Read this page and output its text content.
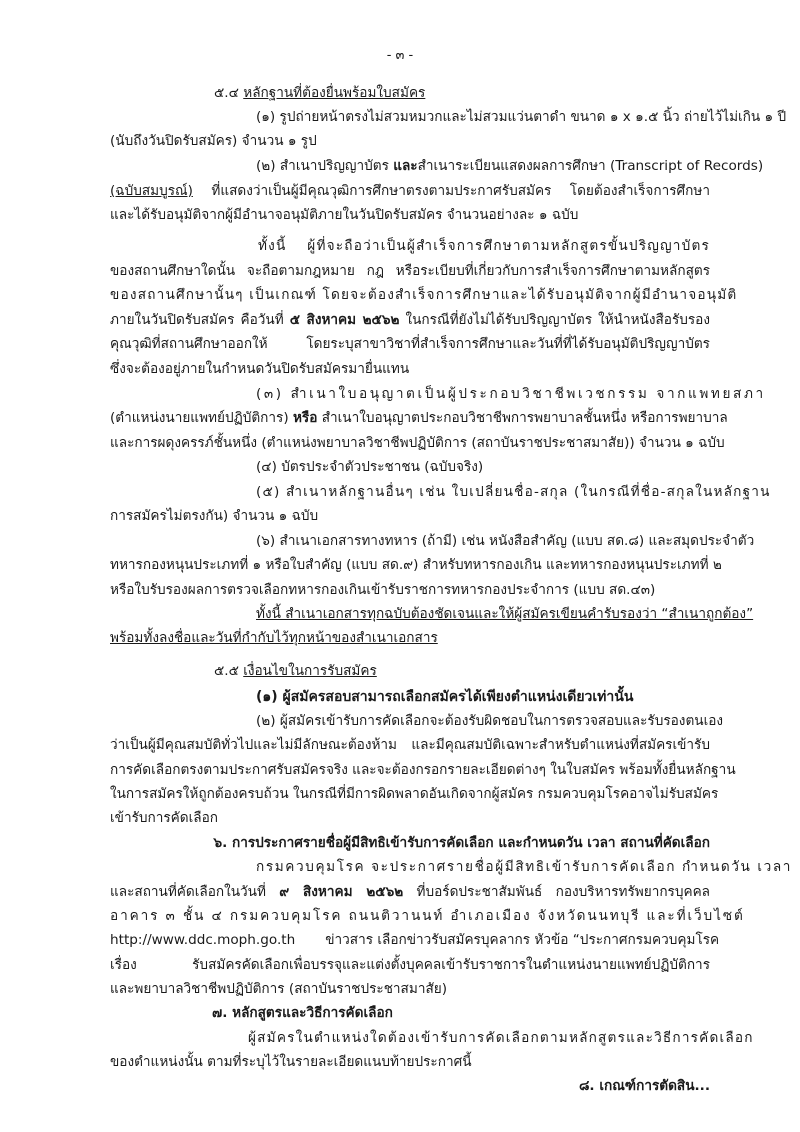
- ๓ -
๕.๔ หลักฐานที่ต้องยื่นพร้อมใบสมัคร
(๑) รูปถ่ายหน้าตรงไม่สวมหมวกและไม่สวมแว่นตาดำ ขนาด ๑ x ๑.๕ นิ้ว ถ่ายไว้ไม่เกิน ๑ ปี
(นับถึงวันปิดรับสมัคร) จำนวน ๑ รูป
(๒) สำเนาปริญญาบัตร และสำเนาระเบียนแสดงผลการศึกษา (Transcript of Records)
(ฉบับสมบูรณ์) ที่แสดงว่าเป็นผู้มีคุณวุฒิการศึกษาตรงตามประกาศรับสมัคร โดยต้องสำเร็จการศึกษา
และได้รับอนุมัติจากผู้มีอำนาจอนุมัติภายในวันปิดรับสมัคร จำนวนอย่างละ ๑ ฉบับ
ทั้งนี้ ผู้ที่จะถือว่าเป็นผู้สำเร็จการศึกษาตามหลักสูตรขั้นปริญญาบัตร
ของสถานศึกษาใดนั้น จะถือตามกฎหมาย กฎ หรือระเบียบที่เกี่ยวกับการสำเร็จการศึกษาตามหลักสูตร
ของสถานศึกษานั้นๆ เป็นเกณฑ์ โดยจะต้องสำเร็จการศึกษาและได้รับอนุมัติจากผู้มีอำนาจอนุมัติ
ภายในวันปิดรับสมัคร คือวันที่ ๕ สิงหาคม ๒๕๖๒ ในกรณีที่ยังไม่ได้รับปริญญาบัตร ให้นำหนังสือรับรอง
คุณวุฒิที่สถานศึกษาออกให้ โดยระบุสาขาวิชาที่สำเร็จการศึกษาและวันที่ที่ได้รับอนุมัติปริญญาบัตร
ซึ่งจะต้องอยู่ภายในกำหนดวันปิดรับสมัครมายื่นแทน
(๓) สำเนาใบอนุญาตเป็นผู้ประกอบวิชาชีพเวชกรรม จากแพทยสภา
(ตำแหน่งนายแพทย์ปฏิบัติการ) หรือ สำเนาใบอนุญาตประกอบวิชาชีพการพยาบาลชั้นหนึ่ง หรือการพยาบาล
และการผดุงครรภ์ชั้นหนึ่ง (ตำแหน่งพยาบาลวิชาชีพปฏิบัติการ (สถาบันราชประชาสมาสัย)) จำนวน ๑ ฉบับ
(๔) บัตรประจำตัวประชาชน (ฉบับจริง)
(๕) สำเนาหลักฐานอื่นๆ เช่น ใบเปลี่ยนชื่อ-สกุล (ในกรณีที่ชื่อ-สกุลในหลักฐาน
การสมัครไม่ตรงกัน) จำนวน ๑ ฉบับ
(๖) สำเนาเอกสารทางทหาร (ถ้ามี) เช่น หนังสือสำคัญ (แบบ สด.๘) และสมุดประจำตัว
ทหารกองหนุนประเภทที่ ๑ หรือใบสำคัญ (แบบ สด.๙) สำหรับทหารกองเกิน และทหารกองหนุนประเภทที่ ๒
หรือใบรับรองผลการตรวจเลือกทหารกองเกินเข้ารับราชการทหารกองประจำการ (แบบ สด.๔๓)
ทั้งนี้ สำเนาเอกสารทุกฉบับต้องชัดเจนและให้ผู้สมัครเขียนคำรับรองว่า “สำเนาถูกต้อง”
พร้อมทั้งลงชื่อและวันที่กำกับไว้ทุกหน้าของสำเนาเอกสาร
๕.๕ เงื่อนไขในการรับสมัคร
(๑) ผู้สมัครสอบสามารถเลือกสมัครได้เพียงตำแหน่งเดียวเท่านั้น
(๒) ผู้สมัครเข้ารับการคัดเลือกจะต้องรับผิดชอบในการตรวจสอบและรับรองตนเอง
ว่าเป็นผู้มีคุณสมบัติทั่วไปและไม่มีลักษณะต้องห้าม และมีคุณสมบัติเฉพาะสำหรับตำแหน่งที่สมัครเข้ารับ
การคัดเลือกตรงตามประกาศรับสมัครจริง และจะต้องกรอกรายละเอียดต่างๆ ในใบสมัคร พร้อมทั้งยื่นหลักฐาน
ในการสมัครให้ถูกต้องครบถ้วน ในกรณีที่มีการผิดพลาดอันเกิดจากผู้สมัคร กรมควบคุมโรคอาจไม่รับสมัคร
เข้ารับการคัดเลือก
๖. การประกาศรายชื่อผู้มีสิทธิเข้ารับการคัดเลือก และกำหนดวัน เวลา สถานที่คัดเลือก
กรมควบคุมโรค จะประกาศรายชื่อผู้มีสิทธิเข้ารับการคัดเลือก กำหนดวัน เวลา
และสถานที่คัดเลือกในวันที่ ๙ สิงหาคม ๒๕๖๒ ที่บอร์ดประชาสัมพันธ์ กองบริหารทรัพยากรบุคคล
อาคาร ๓ ชั้น ๔ กรมควบคุมโรค ถนนติวานนท์ อำเภอเมือง จังหวัดนนทบุรี และที่เว็บไซต์
http://www.ddc.moph.go.th ข่าวสาร เลือกข่าวรับสมัครบุคลากร หัวข้อ “ประกาศกรมควบคุมโรค
เรื่อง รับสมัครคัดเลือกเพื่อบรรจุและแต่งตั้งบุคคลเข้ารับราชการในตำแหน่งนายแพทย์ปฏิบัติการ
และพยาบาลวิชาชีพปฏิบัติการ (สถาบันราชประชาสมาสัย)
๗. หลักสูตรและวิธีการคัดเลือก
ผู้สมัครในตำแหน่งใดต้องเข้ารับการคัดเลือกตามหลักสูตรและวิธีการคัดเลือก
ของตำแหน่งนั้น ตามที่ระบุไว้ในรายละเอียดแนบท้ายประกาศนี้
๘. เกณฑ์การตัดสิน...
